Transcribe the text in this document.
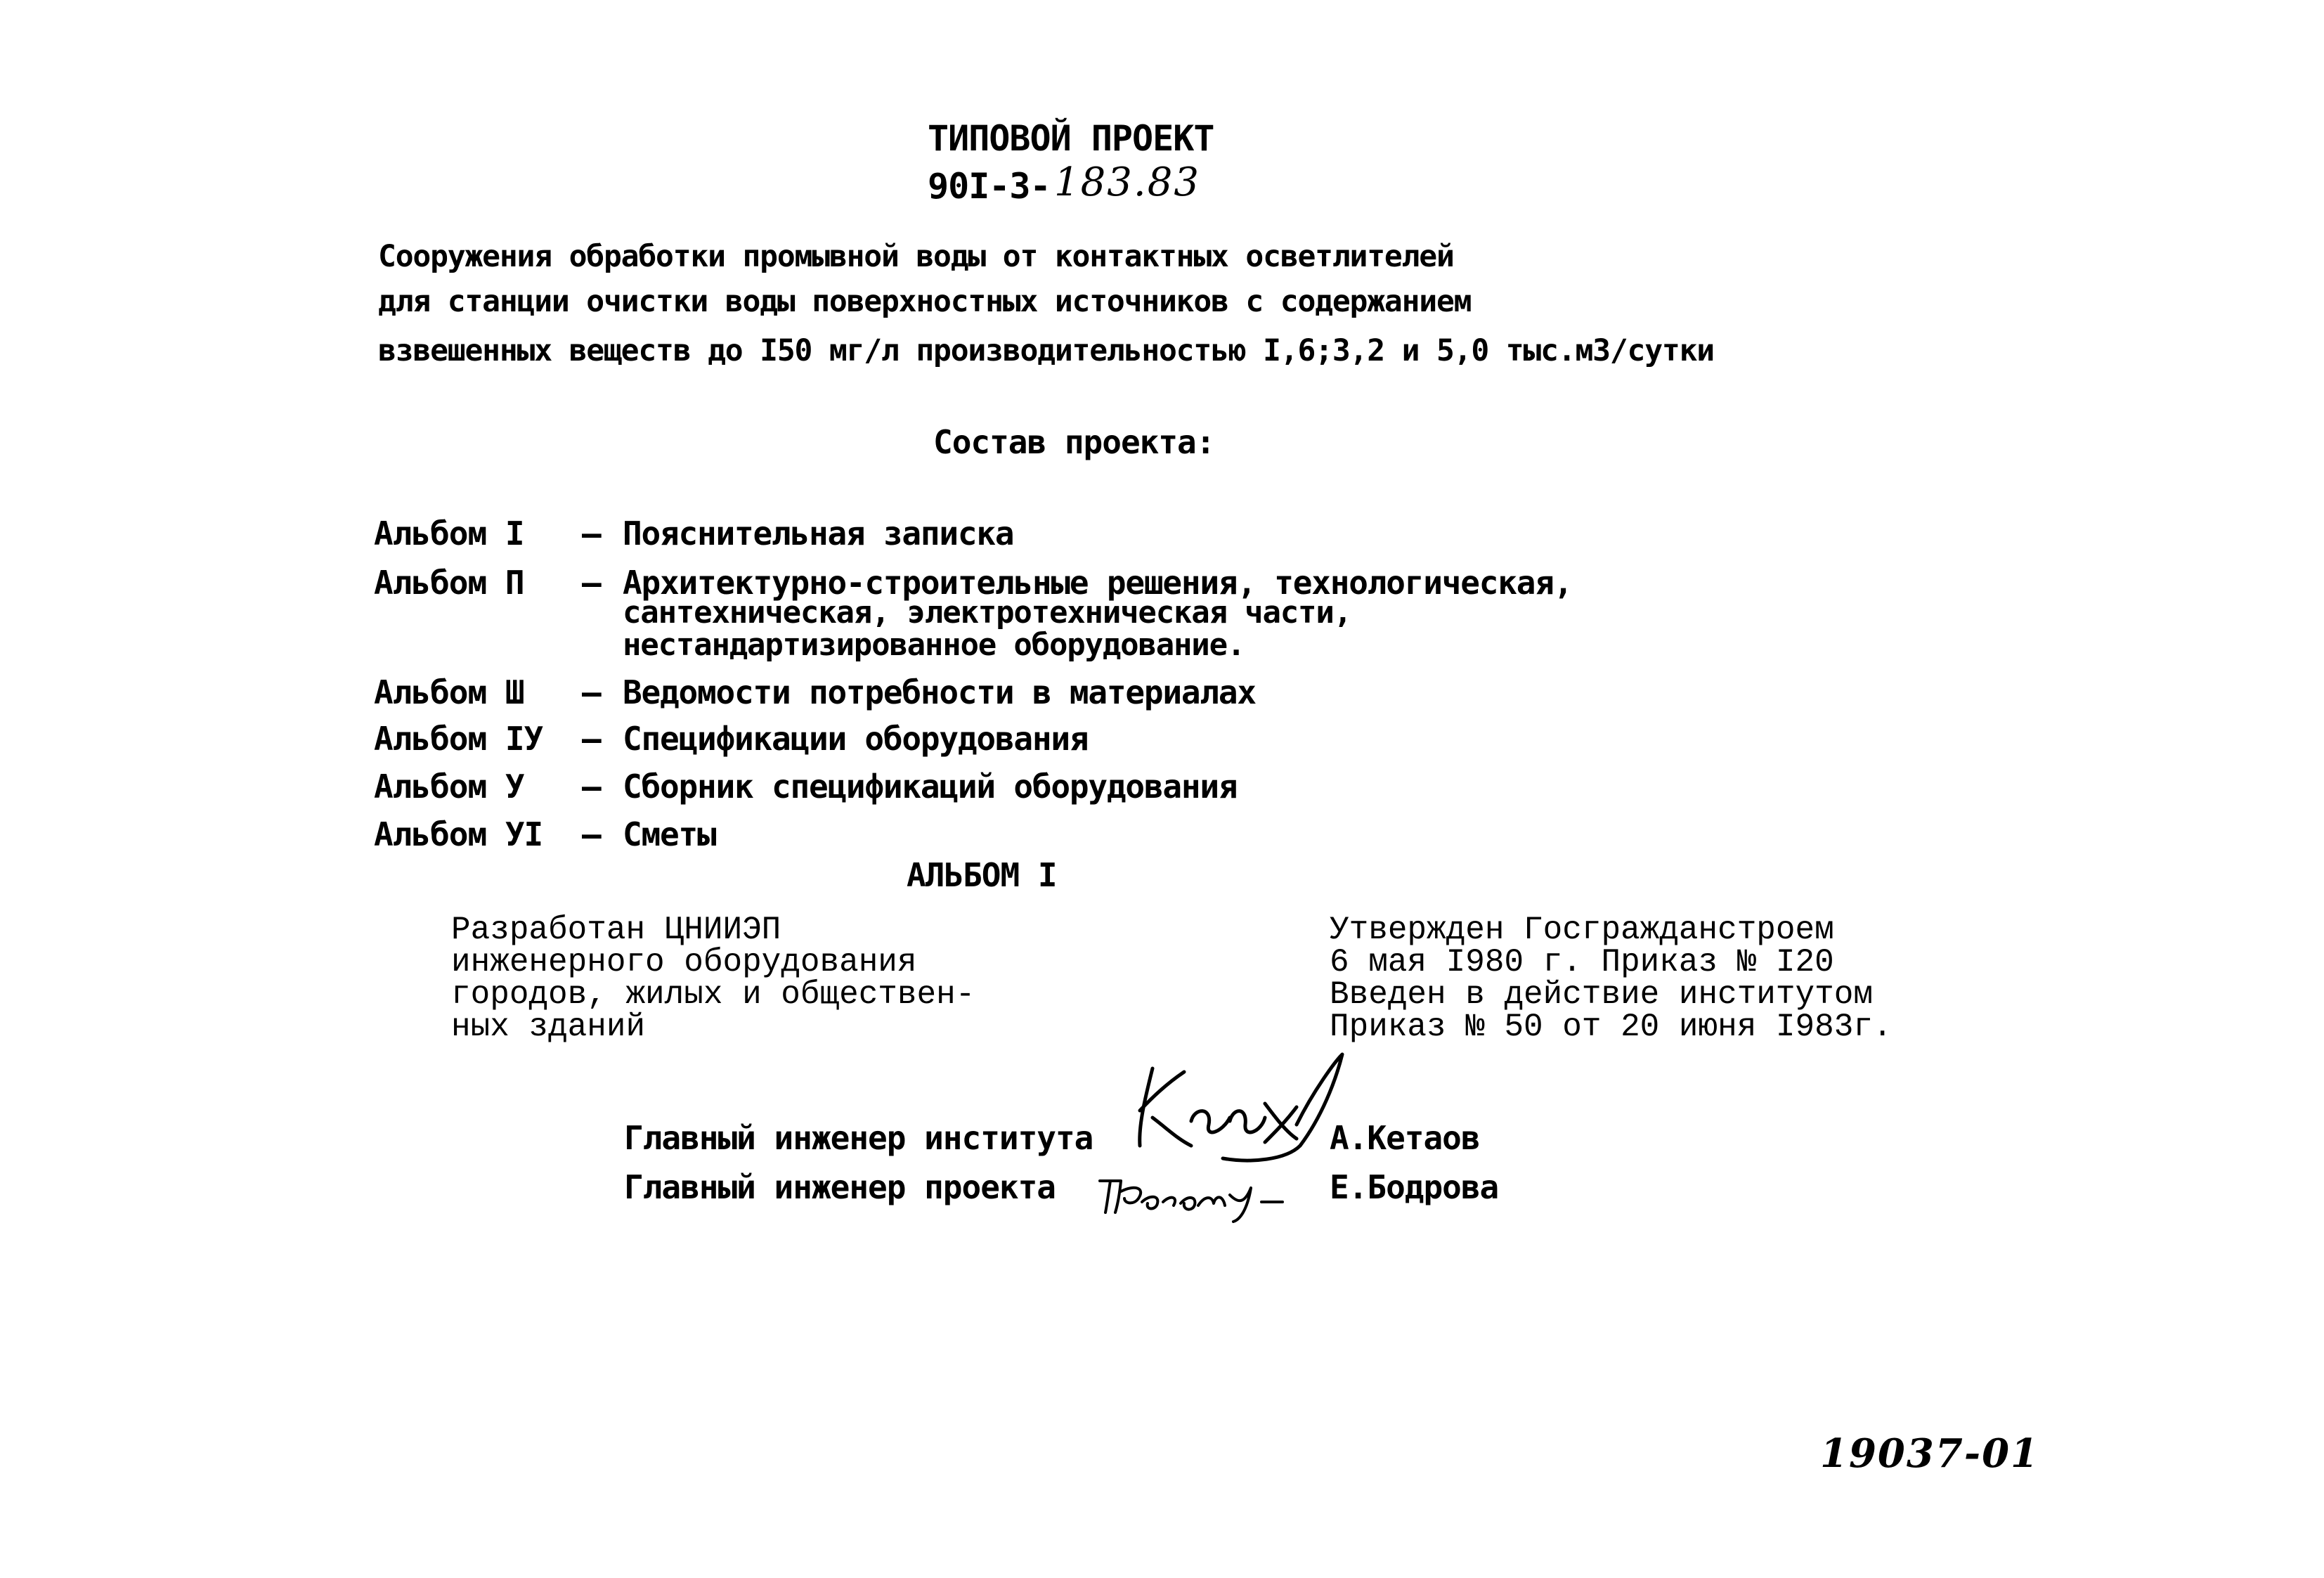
ТИПОВОЙ ПРОЕКТ
90I-3- 183.83
Сооружения обработки промывной воды от контактных осветлителей
для станции очистки воды поверхностных источников с содержанием
взвешенных веществ до I50 мг/л производительностью I,6;3,2 и 5,0 тыс.м3/сутки
Состав проекта:
Альбом I – Пояснительная записка
Альбом П – Архитектурно-строительные решения, технологическая,
сантехническая, электротехническая части,
нестандартизированное оборудование.
Альбом Ш – Ведомости потребности в материалах
Альбом IУ – Спецификации оборудования
Альбом У – Сборник спецификаций оборудования
Альбом УI – Сметы
АЛЬБОМ I
Разработан ЦНИИЭП
инженерного оборудования
городов, жилых и обществен-
ных зданий
Утвержден Госгражданстроем
6 мая I980 г. Приказ № I20
Введен в действие институтом
Приказ № 50 от 20 июня I983г.
Главный инженер института	А.Кетаов
Главный инженер проекта	Е.Бодрова
19037-01
